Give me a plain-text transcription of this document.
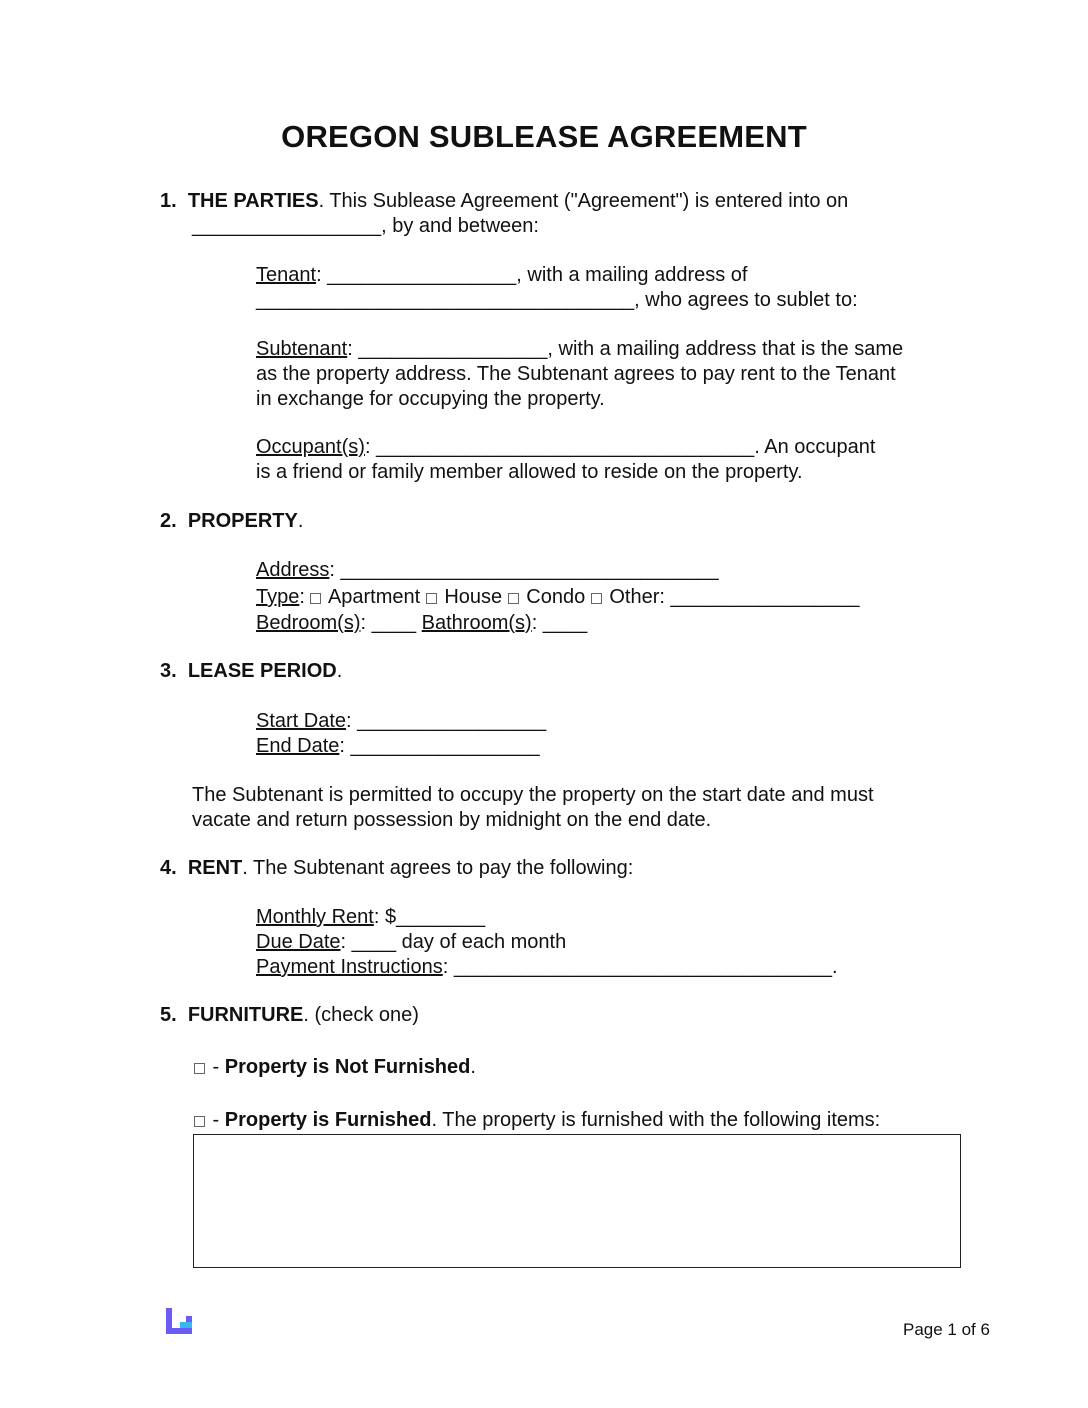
OREGON SUBLEASE AGREEMENT
1. THE PARTIES. This Sublease Agreement ("Agreement") is entered into on
_________________, by and between:
Tenant: _________________, with a mailing address of
__________________________________, who agrees to sublet to:
Subtenant: _________________, with a mailing address that is the same
as the property address. The Subtenant agrees to pay rent to the Tenant
in exchange for occupying the property.
Occupant(s): __________________________________. An occupant
is a friend or family member allowed to reside on the property.
2. PROPERTY.
Address: __________________________________
Type:  Apartment House Condo Other: _________________
Bedroom(s): ____ Bathroom(s): ____
3. LEASE PERIOD.
Start Date: _________________
End Date: _________________
The Subtenant is permitted to occupy the property on the start date and must
vacate and return possession by midnight on the end date.
4. RENT. The Subtenant agrees to pay the following:
Monthly Rent: $________
Due Date: ____ day of each month
Payment Instructions: __________________________________.
5. FURNITURE. (check one)
- Property is Not Furnished.
- Property is Furnished. The property is furnished with the following items:
Page 1 of 6
